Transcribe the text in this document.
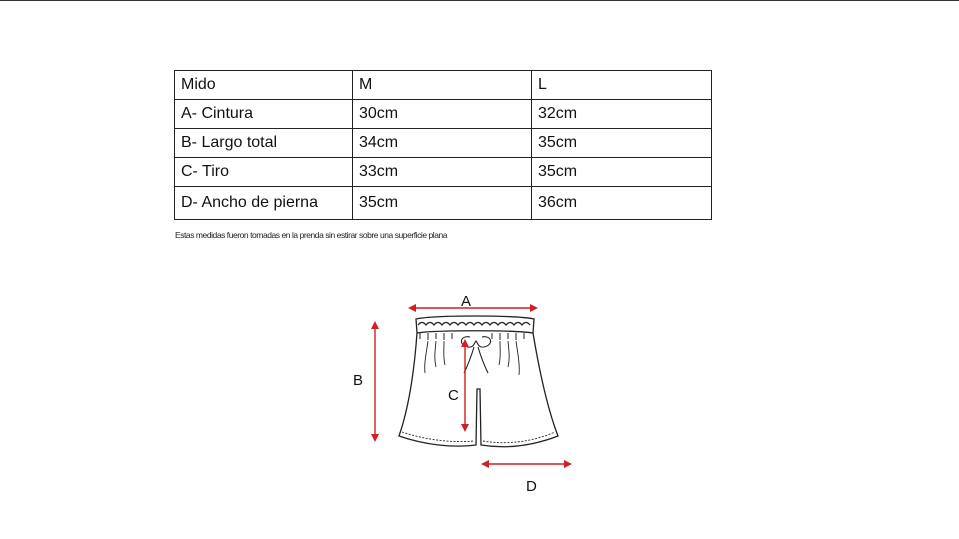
Mido	M	L
A- Cintura	30cm	32cm
B- Largo total	34cm	35cm
C- Tiro	33cm	35cm
D- Ancho de pierna	35cm	36cm
Estas medidas fueron tomadas en la prenda sin estirar sobre una superficie plana
A
B
C
D
